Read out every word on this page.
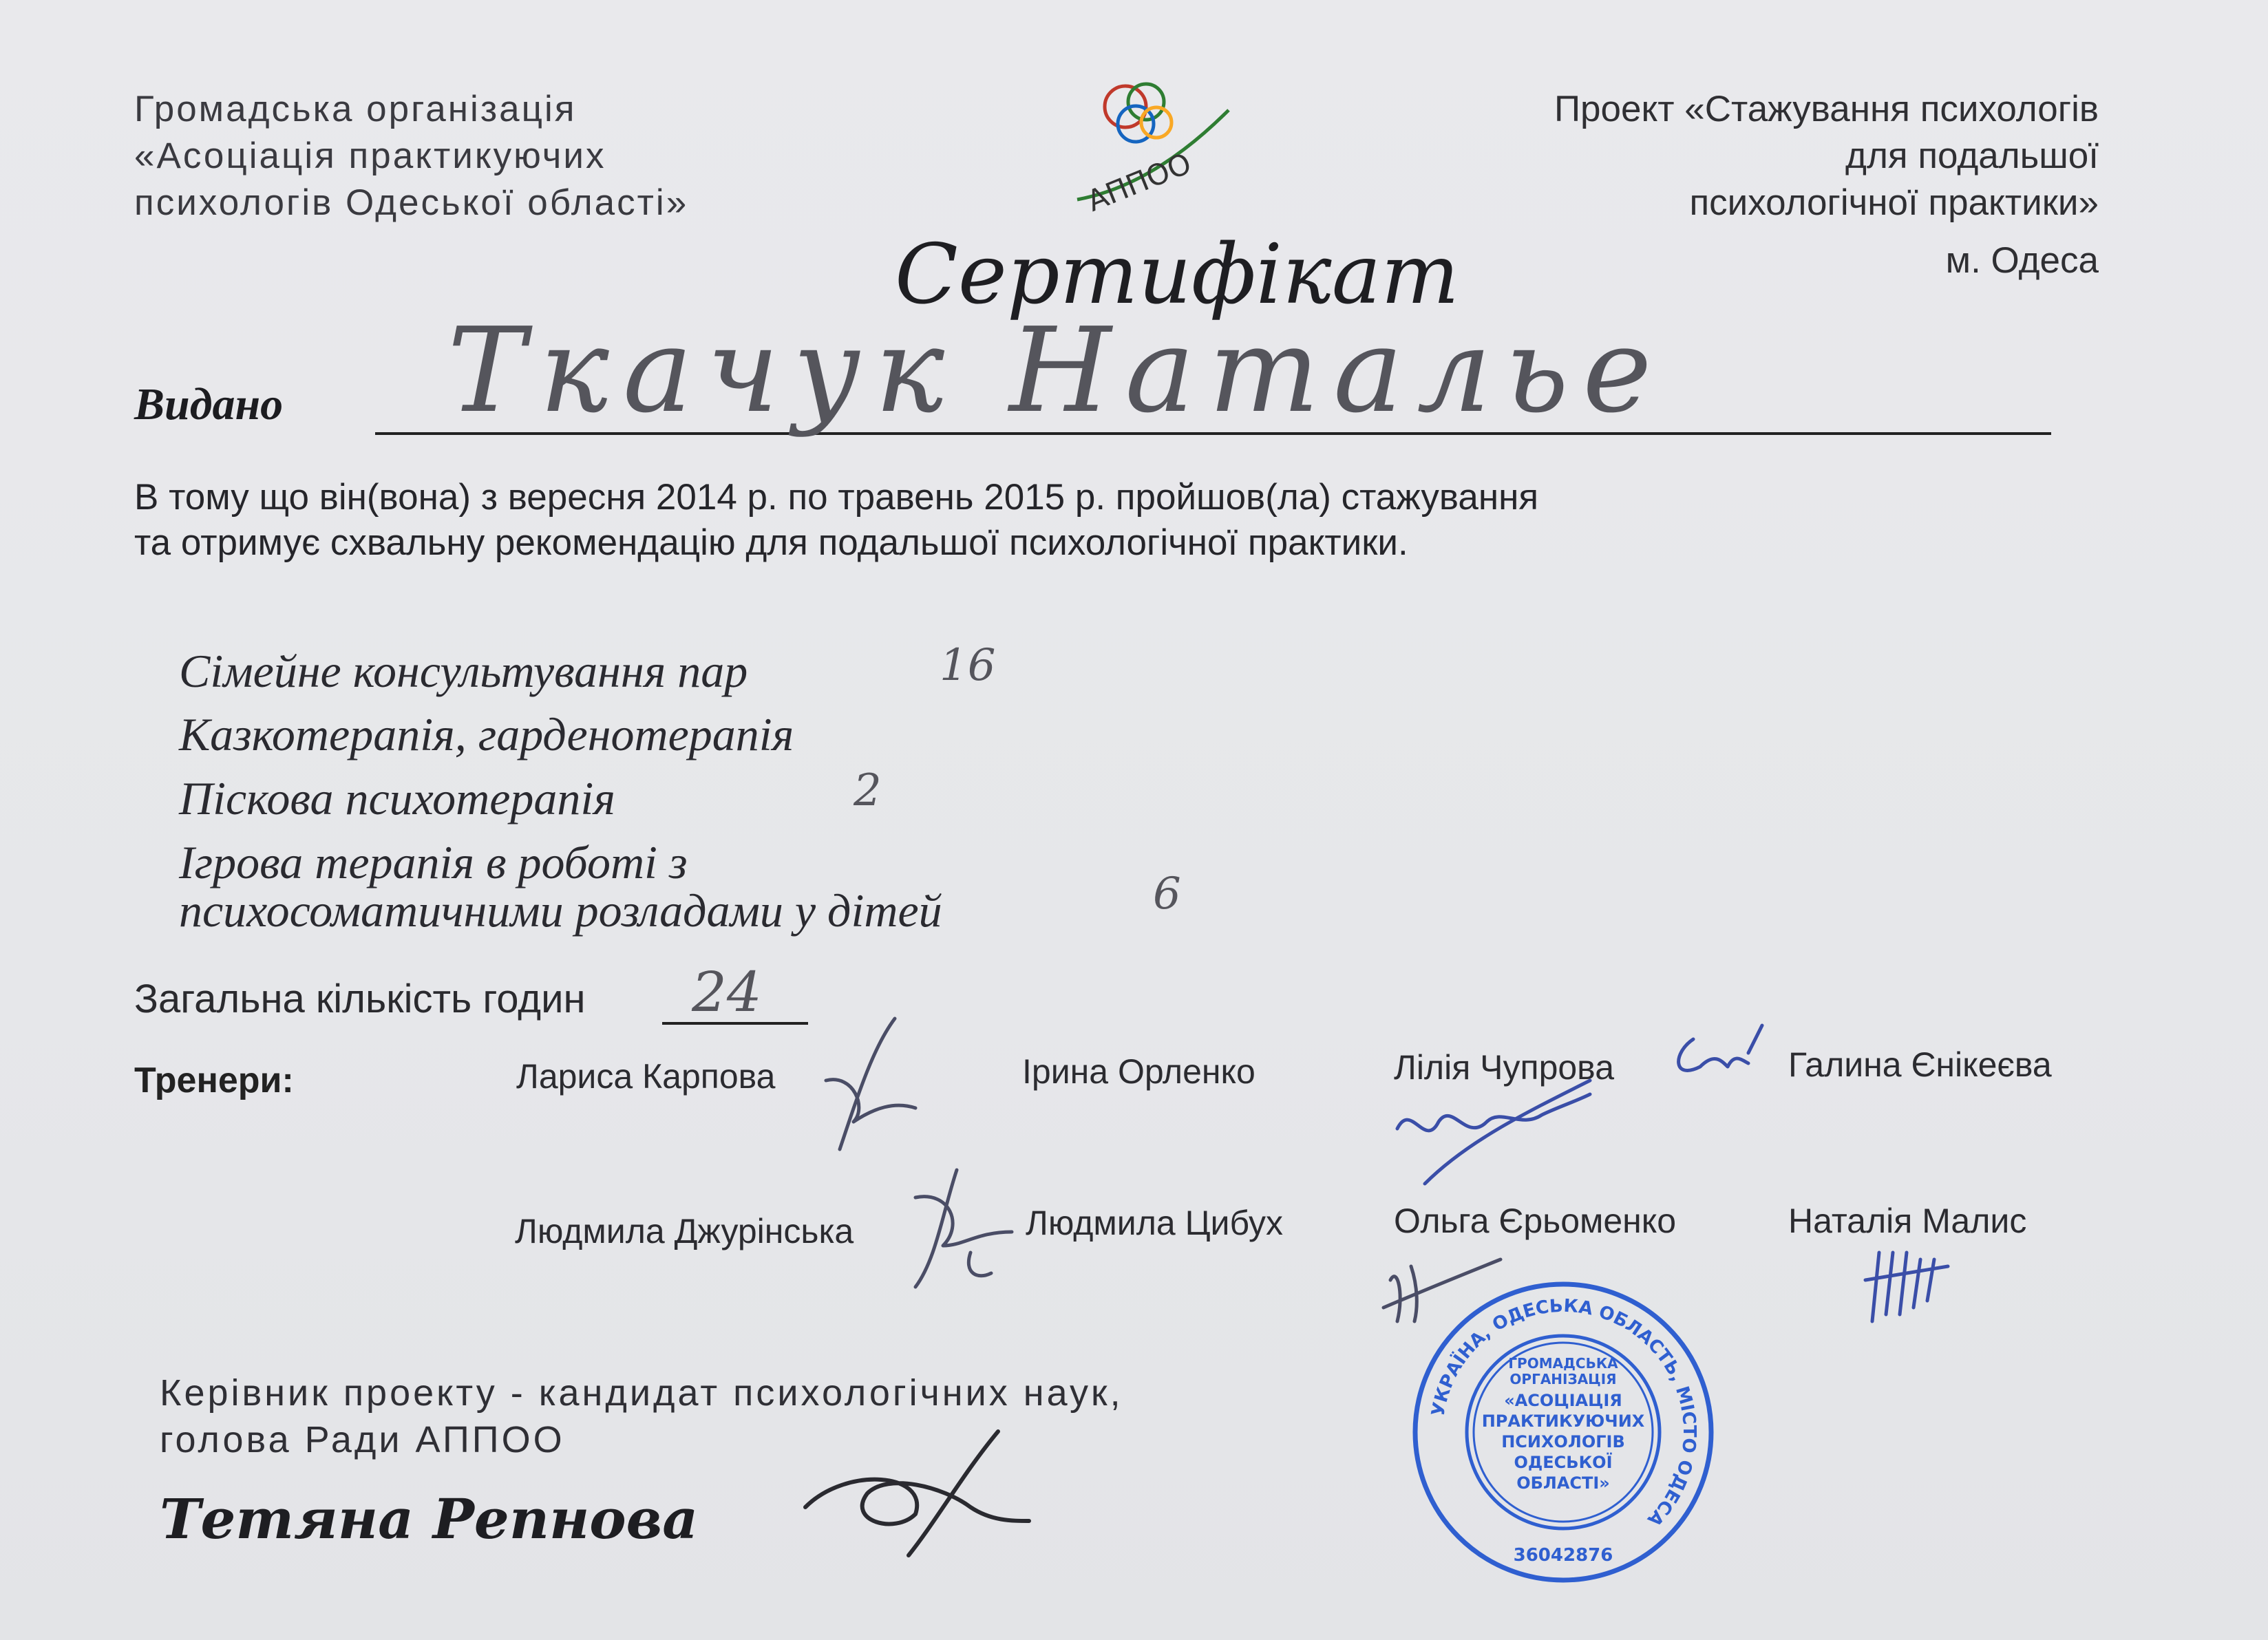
Громадська організація
«Асоціація практикуючих
психологів Одеської області»	АППОО
Проект «Стажування психологів
для подальшої
психологічної практики»
м. Одеса
Сертифікат
Видано Ткачук Наталье
В тому що він(вона) з вересня 2014 р. по травень 2015 р. пройшов(ла) стажування
та отримує схвальну рекомендацію для подальшої психологічної практики.
Сімейне консультування пар	16
Казкотерапія, гарденотерапія
Піскова психотерапія	2
Ігрова терапія в роботі з
психосоматичними розладами у дітей	6
Загальна кількість годин 24
Тренери:	Лариса Карпова	Ірина Орленко	Лілія Чупрова	Галина Єнікеєва
Людмила Джурінська	Людмила Цибух	Ольга Єрьоменко	Наталія Малис
Керівник проекту - кандидат психологічних наук,
голова Ради АППОО
Тетяна Репнова
УКРАЇНА, ОДЕСЬКА ОБЛАСТЬ, МІСТО ОДЕСА
ГРОМАДСЬКА
ОРГАНІЗАЦІЯ
«АСОЦІАЦІЯ
ПРАКТИКУЮЧИХ
ПСИХОЛОГІВ
ОДЕСЬКОЇ
ОБЛАСТІ»
36042876
